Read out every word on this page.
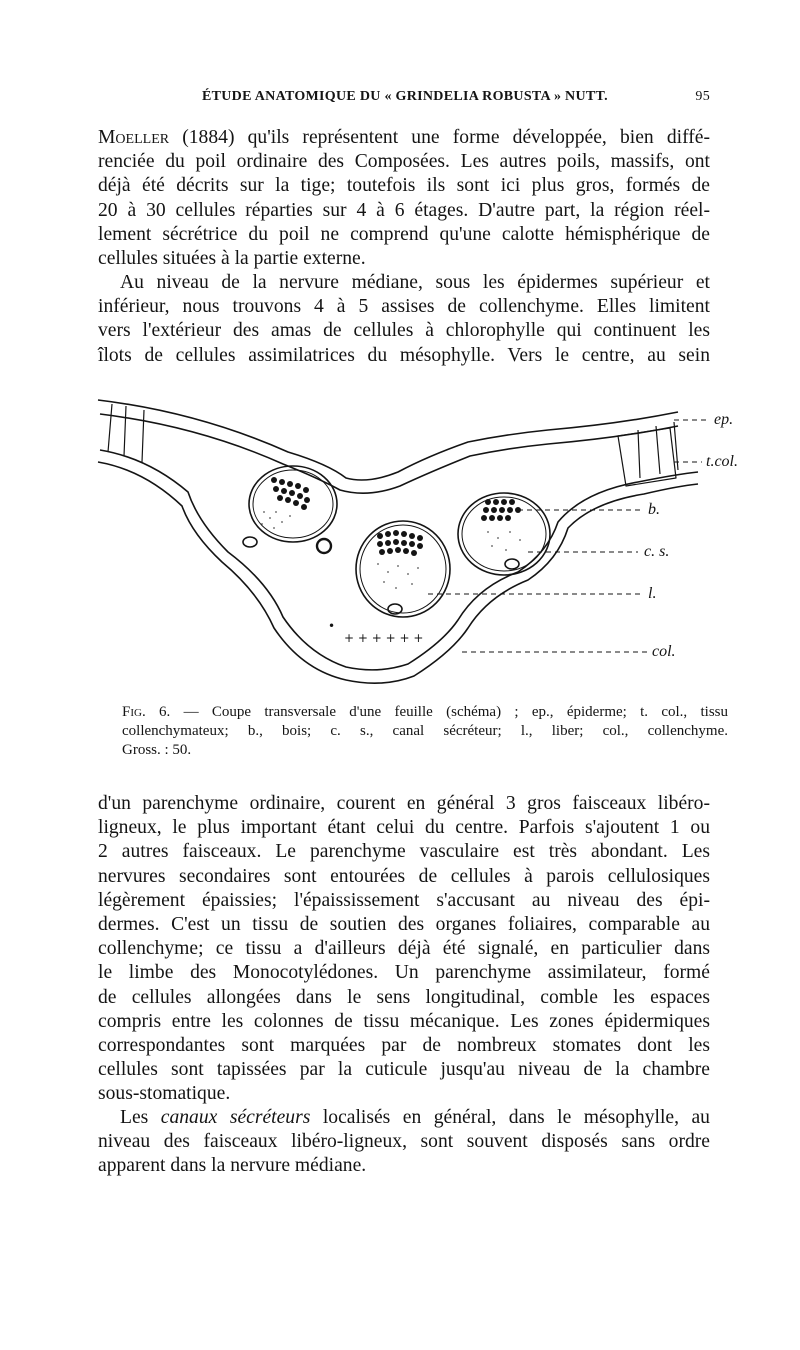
ÉTUDE ANATOMIQUE DU « GRINDELIA ROBUSTA » NUTT.	95
Moeller (1884) qu'ils représentent une forme développée, bien diffé-
renciée du poil ordinaire des Composées. Les autres poils, massifs, ont
déjà été décrits sur la tige; toutefois ils sont ici plus gros, formés de
20 à 30 cellules réparties sur 4 à 6 étages. D'autre part, la région réel-
lement sécrétrice du poil ne comprend qu'une calotte hémisphérique de
cellules situées à la partie externe.
Au niveau de la nervure médiane, sous les épidermes supérieur et
inférieur, nous trouvons 4 à 5 assises de collenchyme. Elles limitent
vers l'extérieur des amas de cellules à chlorophylle qui continuent les
îlots de cellules assimilatrices du mésophylle. Vers le centre, au sein
+ + + + + +
•
ep.
t.col.
b.
c. s.
l.
col.
Fig. 6. — Coupe transversale d'une feuille (schéma) ; ep., épiderme; t. col., tissu
collenchymateux; b., bois; c. s., canal sécréteur; l., liber; col., collenchyme.
Gross. : 50.
d'un parenchyme ordinaire, courent en général 3 gros faisceaux libéro-
ligneux, le plus important étant celui du centre. Parfois s'ajoutent 1 ou
2 autres faisceaux. Le parenchyme vasculaire est très abondant. Les
nervures secondaires sont entourées de cellules à parois cellulosiques
légèrement épaissies; l'épaississement s'accusant au niveau des épi-
dermes. C'est un tissu de soutien des organes foliaires, comparable au
collenchyme; ce tissu a d'ailleurs déjà été signalé, en particulier dans
le limbe des Monocotylédones. Un parenchyme assimilateur, formé
de cellules allongées dans le sens longitudinal, comble les espaces
compris entre les colonnes de tissu mécanique. Les zones épidermiques
correspondantes sont marquées par de nombreux stomates dont les
cellules sont tapissées par la cuticule jusqu'au niveau de la chambre
sous-stomatique.
Les canaux sécréteurs localisés en général, dans le mésophylle, au
niveau des faisceaux libéro-ligneux, sont souvent disposés sans ordre
apparent dans la nervure médiane.
